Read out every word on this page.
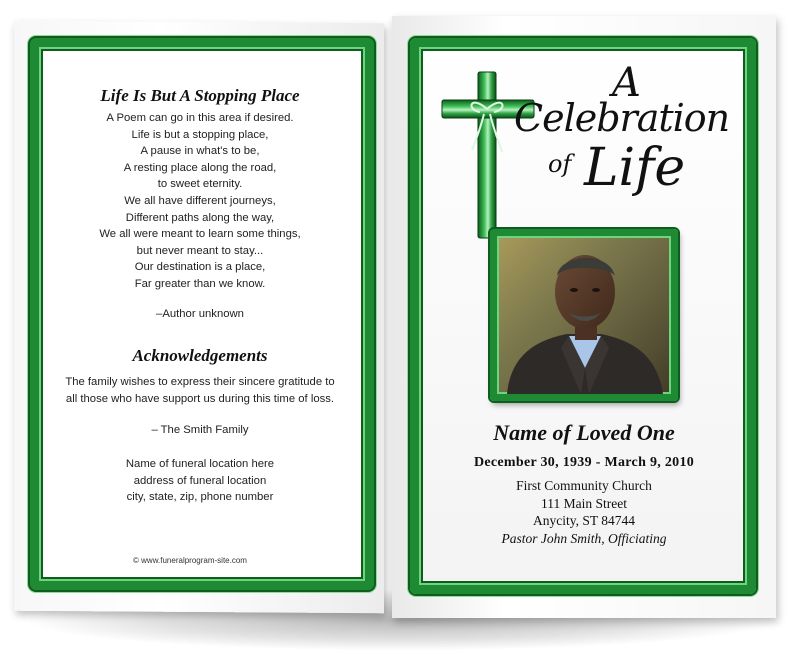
Life Is But A Stopping Place
A Poem can go in this area if desired.
Life is but a stopping place,
A pause in what's to be,
A resting place along the road,
to sweet eternity.
We all have different journeys,
Different paths along the way,
We all were meant to learn some things,
but never meant to stay...
Our destination is a place,
Far greater than we know.
–Author unknown
Acknowledgements
The family wishes to express their sincere gratitude to
all those who have support us during this time of loss.
– The Smith Family
Name of funeral location here
address of funeral location
city, state, zip, phone number
© www.funeralprogram-site.com
A
Celebration
of Life
Name of Loved One
December 30, 1939 - March 9, 2010
First Community Church
111 Main Street
Anycity, ST 84744
Pastor John Smith, Officiating
